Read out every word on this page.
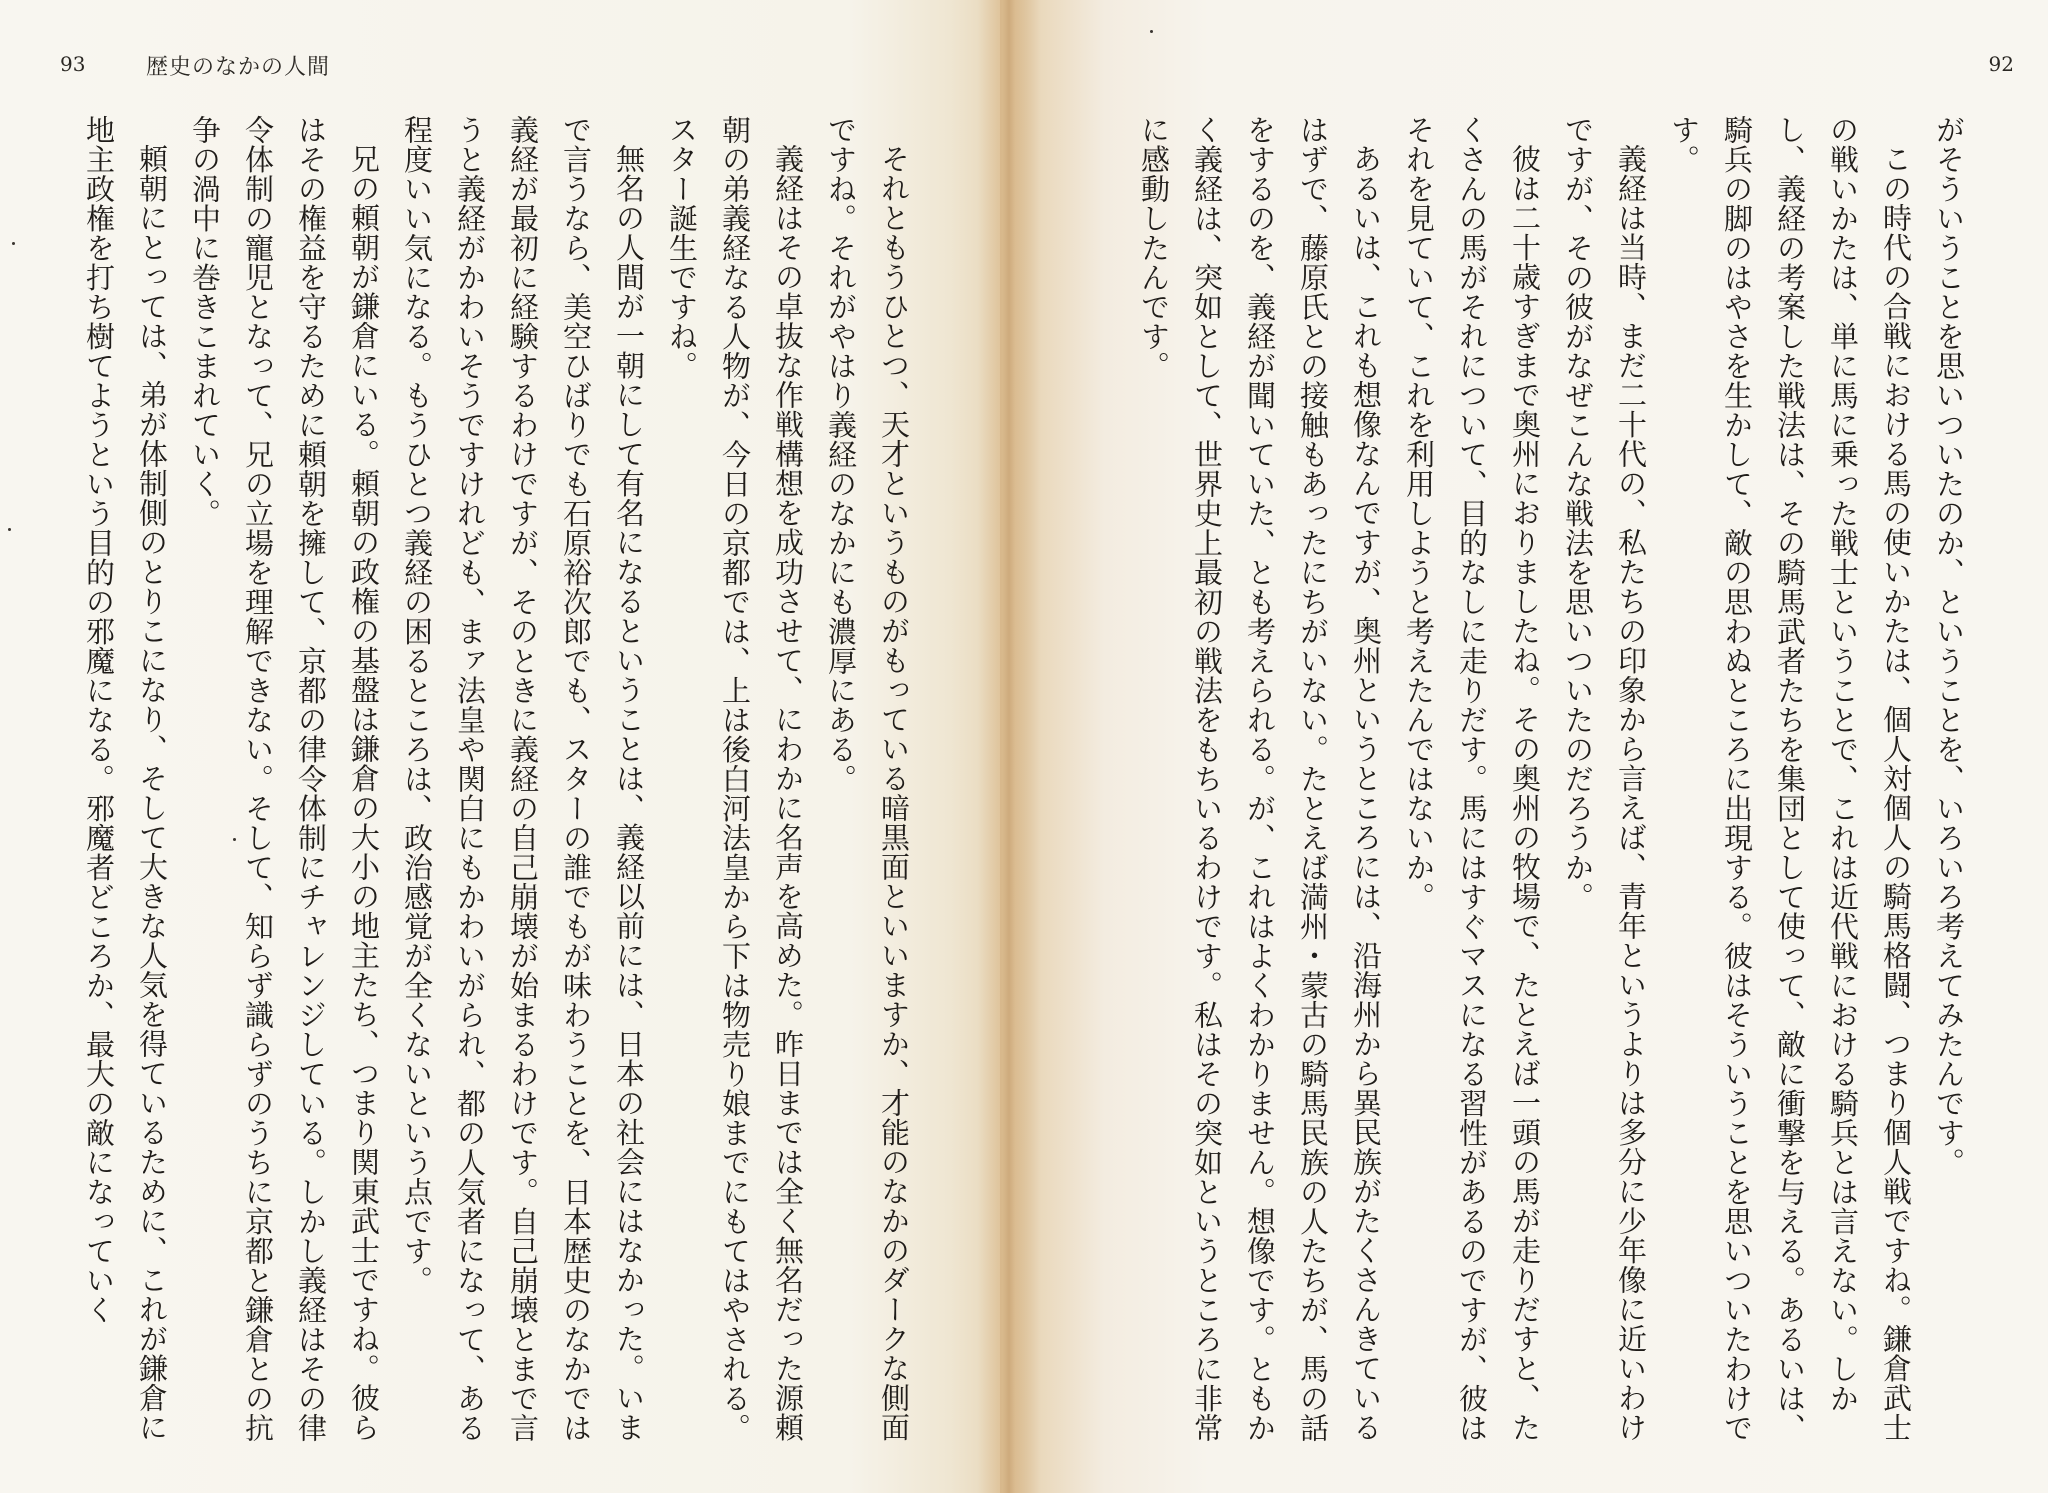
93	歴史のなかの人間

それともうひとつ、天才というものがもっている暗黒面といいますか、才能のなかのダークな側面ですね。それがやはり義経のなかにも濃厚にある。

義経はその卓抜な作戦構想を成功させて、にわかに名声を高めた。昨日までは全く無名だった源頼朝の弟義経なる人物が、今日の京都では、上は後白河法皇から下は物売り娘までにもてはやされる。スター誕生ですね。

無名の人間が一朝にして有名になるということは、義経以前には、日本の社会にはなかった。いまで言うなら、美空ひばりでも石原裕次郎でも、スターの誰でもが味わうことを、日本歴史のなかでは義経が最初に経験するわけですが、そのときに義経の自己崩壊が始まるわけです。自己崩壊とまで言うと義経がかわいそうですけれども、まァ法皇や関白にもかわいがられ、都の人気者になって、ある程度いい気になる。もうひとつ義経の困るところは、政治感覚が全くないという点です。

兄の頼朝が鎌倉にいる。頼朝の政権の基盤は鎌倉の大小の地主たち、つまり関東武士ですね。彼らはその権益を守るために頼朝を擁して、京都の律令体制にチャレンジしている。しかし義経はその律令体制の寵児となって、兄の立場を理解できない。そして、知らず識らずのうちに京都と鎌倉との抗争の渦中に巻きこまれていく。

頼朝にとっては、弟が体制側のとりこになり、そして大きな人気を得ているために、これが鎌倉に地主政権を打ち樹てようという目的の邪魔になる。邪魔者どころか、最大の敵になっていく

92

がそういうことを思いついたのか、ということを、いろいろ考えてみたんです。

この時代の合戦における馬の使いかたは、個人対個人の騎馬格闘、つまり個人戦ですね。鎌倉武士の戦いかたは、単に馬に乗った戦士ということで、これは近代戦における騎兵とは言えない。しかし、義経の考案した戦法は、その騎馬武者たちを集団として使って、敵に衝撃を与える。あるいは、騎兵の脚のはやさを生かして、敵の思わぬところに出現する。彼はそういうことを思いついたわけです。

義経は当時、まだ二十代の、私たちの印象から言えば、青年というよりは多分に少年像に近いわけですが、その彼がなぜこんな戦法を思いついたのだろうか。

彼は二十歳すぎまで奥州におりましたね。その奥州の牧場で、たとえば一頭の馬が走りだすと、たくさんの馬がそれについて、目的なしに走りだす。馬にはすぐマスになる習性があるのですが、彼はそれを見ていて、これを利用しようと考えたんではないか。

あるいは、これも想像なんですが、奥州というところには、沿海州から異民族がたくさんきているはずで、藤原氏との接触もあったにちがいない。たとえば満州・蒙古の騎馬民族の人たちが、馬の話をするのを、義経が聞いていた、とも考えられる。が、これはよくわかりません。想像です。ともかく義経は、突如として、世界史上最初の戦法をもちいるわけです。私はその突如というところに非常に感動したんです。
